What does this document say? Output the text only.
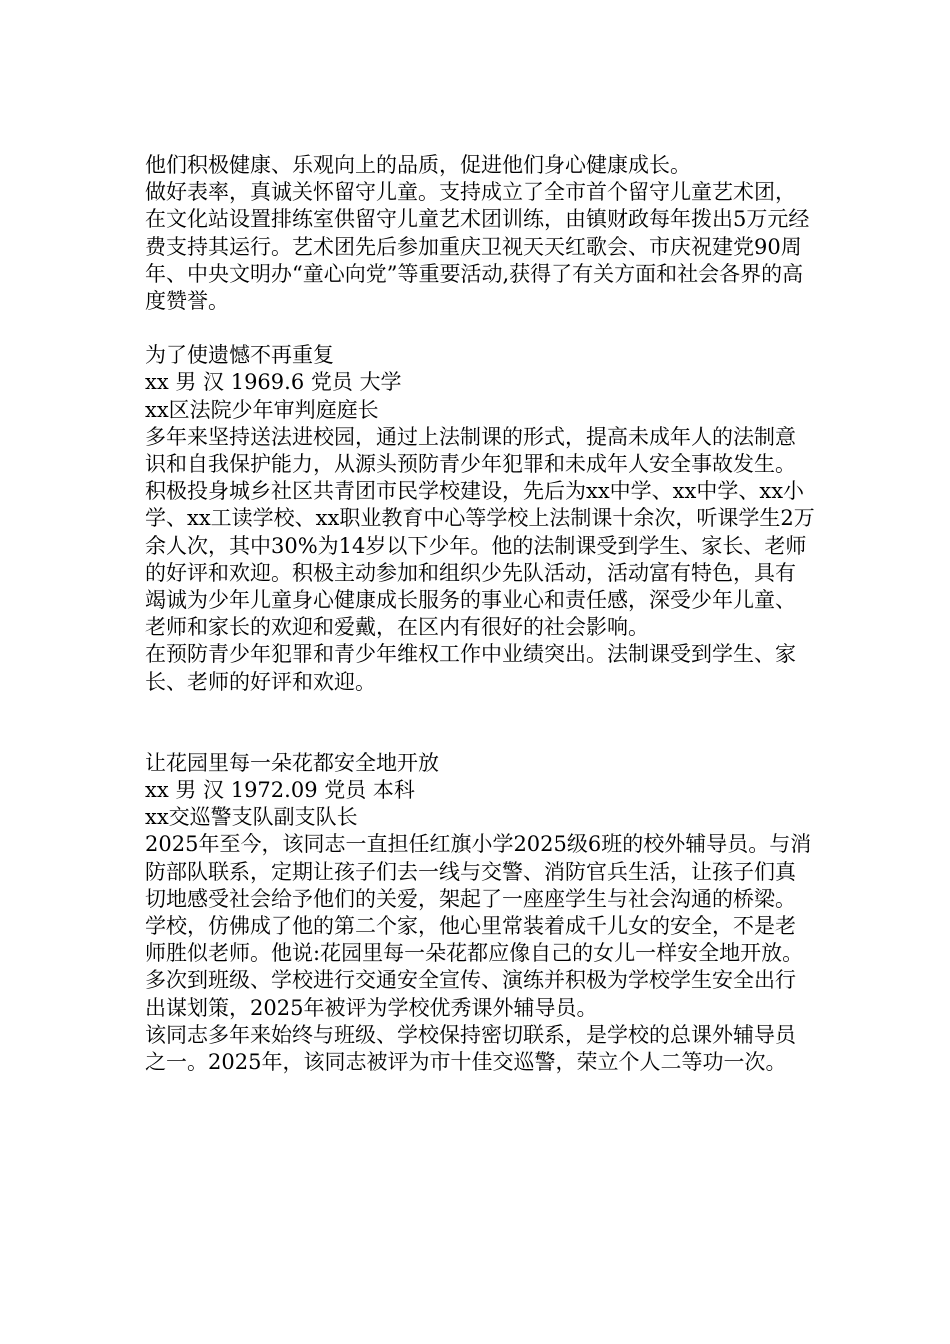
他们积极健康、乐观向上的品质，促进他们身心健康成长。

做好表率，真诚关怀留守儿童。支持成立了全市首个留守儿童艺术团，在文化站设置排练室供留守儿童艺术团训练，由镇财政每年拨出5万元经费支持其运行。艺术团先后参加重庆卫视天天红歌会、市庆祝建党90周年、中央文明办“童心向党”等重要活动,获得了有关方面和社会各界的高度赞誉。

为了使遗憾不再重复

xx 男 汉 1969.6 党员 大学

xx区法院少年审判庭庭长

多年来坚持送法进校园，通过上法制课的形式，提高未成年人的法制意识和自我保护能力，从源头预防青少年犯罪和未成年人安全事故发生。

积极投身城乡社区共青团市民学校建设，先后为xx中学、xx中学、xx小学、xx工读学校、xx职业教育中心等学校上法制课十余次，听课学生2万余人次，其中30%为14岁以下少年。他的法制课受到学生、家长、老师的好评和欢迎。积极主动参加和组织少先队活动，活动富有特色，具有竭诚为少年儿童身心健康成长服务的事业心和责任感，深受少年儿童、老师和家长的欢迎和爱戴，在区内有很好的社会影响。

在预防青少年犯罪和青少年维权工作中业绩突出。法制课受到学生、家长、老师的好评和欢迎。

让花园里每一朵花都安全地开放

xx 男 汉 1972.09 党员 本科

xx交巡警支队副支队长

2025年至今，该同志一直担任红旗小学2025级6班的校外辅导员。与消防部队联系，定期让孩子们去一线与交警、消防官兵生活，让孩子们真切地感受社会给予他们的关爱，架起了一座座学生与社会沟通的桥梁。

学校，仿佛成了他的第二个家，他心里常装着成千儿女的安全，不是老师胜似老师。他说:花园里每一朵花都应像自己的女儿一样安全地开放。多次到班级、学校进行交通安全宣传、演练并积极为学校学生安全出行出谋划策，2025年被评为学校优秀课外辅导员。

该同志多年来始终与班级、学校保持密切联系，是学校的总课外辅导员之一。2025年，该同志被评为市十佳交巡警，荣立个人二等功一次。
